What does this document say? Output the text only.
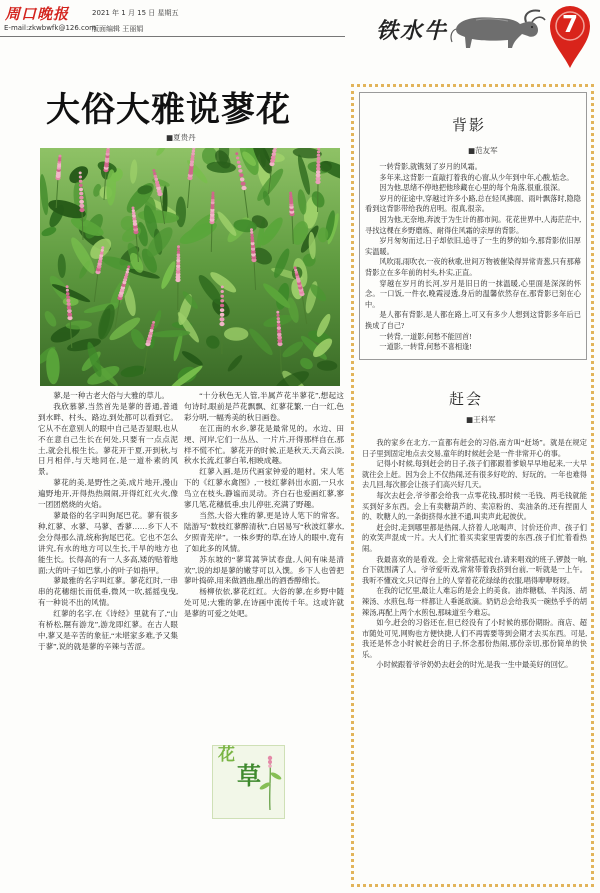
周口晚报	2021 年 1 月 15 日 星期五
E-mail:zkwbwfk@126.com
版面编辑 王丽娟	铁水牛	7
大俗大雅说蓼花
■夏贵丹

蓼,是一种古老大俗与大雅的草儿。

我欣慕蓼,当然首先是蓼的普通,普通到水畔、村头、路边,到处都可以看到它。它从不在意别人的眼中自己是否显眼,也从不在意自己生长在何处,只要有一点点泥土,就会扎根生长。蓼花开于夏,开到秋,与日月相伴,与天地同在,是一道朴素的风景。

蓼花的美,是野性之美,成片地开,漫山遍野地开,开得热热闹闹,开得红红火火,像一团团燃烧的火焰。

蓼最俗的名字叫狗尾巴花。蓼有很多种,红蓼、水蓼、马蓼、香蓼……乡下人不会分得那么清,统称狗尾巴花。它也不怎么讲究,有水的地方可以生长,干旱的地方也能生长。长得高的有一人多高,矮的贴着地面;大的叶子如巴掌,小的叶子如指甲。

蓼最雅的名字叫红蓼。蓼花红时,一串串的花穗细长而低垂,微风一吹,摇摇曳曳,有一种说不出的风情。

红蓼的名字,在《诗经》里就有了,“山有桥松,隰有游龙”,游龙即红蓼。在古人眼中,蓼又是辛苦的象征,“未堪家多难,予又集于蓼”,说的就是蓼的辛辣与苦涩。

花
草

“十分秋色无人管,半属芦花半蓼花”,想起这句诗时,眼前是芦花飘飘、红蓼花繁,一白一红,色彩分明,一幅秀美的秋日画卷。

在江南的水乡,蓼花是最常见的。水边、田埂、河岸,它们一丛丛、一片片,开得那样自在,那样不慌不忙。蓼花开的时候,正是秋天,天高云淡,秋水长流,红蓼白苇,相映成趣。

红蓼入画,是历代画家钟爱的题材。宋人笔下的《红蓼水禽图》,一枝红蓼斜出水面,一只水鸟立在枝头,静谧而灵动。齐白石也爱画红蓼,寥寥几笔,花穗低垂,虫儿停驻,充满了野趣。

当然,大俗大雅的蓼,更是诗人笔下的常客。陆游写“数枝红蓼醉清秋”,白居易写“秋波红蓼水,夕照青芜岸”。一株乡野的草,在诗人的眼中,竟有了如此多的风情。

苏东坡的“蓼茸蒿笋试春盘,人间有味是清欢”,说的却是蓼的嫩芽可以入馔。乡下人也曾把蓼叶捣碎,用来做酒曲,酿出的酒香醇绵长。

杨柳依依,蓼花红红。大俗的蓼,在乡野中随处可见;大雅的蓼,在诗画中流传千年。这或许就是蓼的可爱之处吧。

背影
■范友军

一转背影,就镌刻了岁月的风霜。

多年来,这背影一直敲打着我的心窗,从少年到中年,心酸,惦念。

因为他,思绪不停地把他珍藏在心里的每个角落,很重,很深。

岁月的征途中,穿越过许多小路,总在轻风拂面、雨叶飘落时,隐隐看到这背影带给我的启明。很真,很亲。

因为他,无奈地,奔波于为生计的都市间。花花世界中,人海茫茫中,寻找这棵在乡野磨炼、耐得住风霜的亲厚的背影。

岁月匆匆而过,日子却依旧,追寻了一生的梦的如今,那背影依旧厚实温暖。

风吹雨,雨吹衣,一夜的秋歌,世间万物被催染得异常青葱,只有那幕背影立在多年前的村头,朴实,正直。

穿越在岁月的长河,岁月是旧日的一抹温暖,心里面是深深的怀念。一口饭,一件衣,晚霞浸透,身后的温馨依然存在,那背影已刻在心中。

是人都有背影,是人都在路上,可又有多少人想到这背影多年后已换成了自己?

一转背,一道影,何愁不能回首!

一道影,一转背,何愁不喜相逢!

赶会
■王科军

我的家乡在北方,一直都有赶会的习俗,南方叫“赶场”。就是在规定日子里到固定地点去交易,童年的时候赶会是一件非常开心的事。

记得小时候,每到赶会的日子,孩子们都跟着爹娘早早地起来,一大早就往会上赶。因为会上不仅热闹,还有很多好吃的、好玩的。一年也难得去几回,每次都会让孩子们高兴好几天。

每次去赶会,爷爷都会给我一点零花钱,那时候一毛钱、两毛钱就能买到好多东西。会上有卖糖葫芦的、卖凉粉的、卖油条的,还有捏面人的、吹糖人的,一条街挤得水泄不通,叫卖声此起彼伏。

赶会时,走到哪里都是热闹,人挤着人,吆喝声、讨价还价声、孩子们的欢笑声混成一片。大人们忙着买卖家里需要的东西,孩子们忙着看热闹。

我最喜欢的是看戏。会上常常搭起戏台,请来唱戏的班子,锣鼓一响,台下就围满了人。爷爷爱听戏,常常带着我挤到台前,一听就是一上午。我听不懂戏文,只记得台上的人穿着花花绿绿的衣服,唱得咿咿呀呀。

在我的记忆里,最让人难忘的是会上的美食。油炸糖糕、羊肉汤、胡辣汤、水煎包,每一样都让人垂涎欲滴。奶奶总会给我买一碗热乎乎的胡辣汤,再配上两个水煎包,那味道至今难忘。

如今,赶会的习俗还在,但已经没有了小时候的那份期盼。商店、超市随处可见,网购也方便快捷,人们不再需要等到会期才去买东西。可是,我还是怀念小时候赶会的日子,怀念那份热闹,那份亲切,那份简单的快乐。

小时候跟着爷爷奶奶去赶会的时光,是我一生中最美好的回忆。
